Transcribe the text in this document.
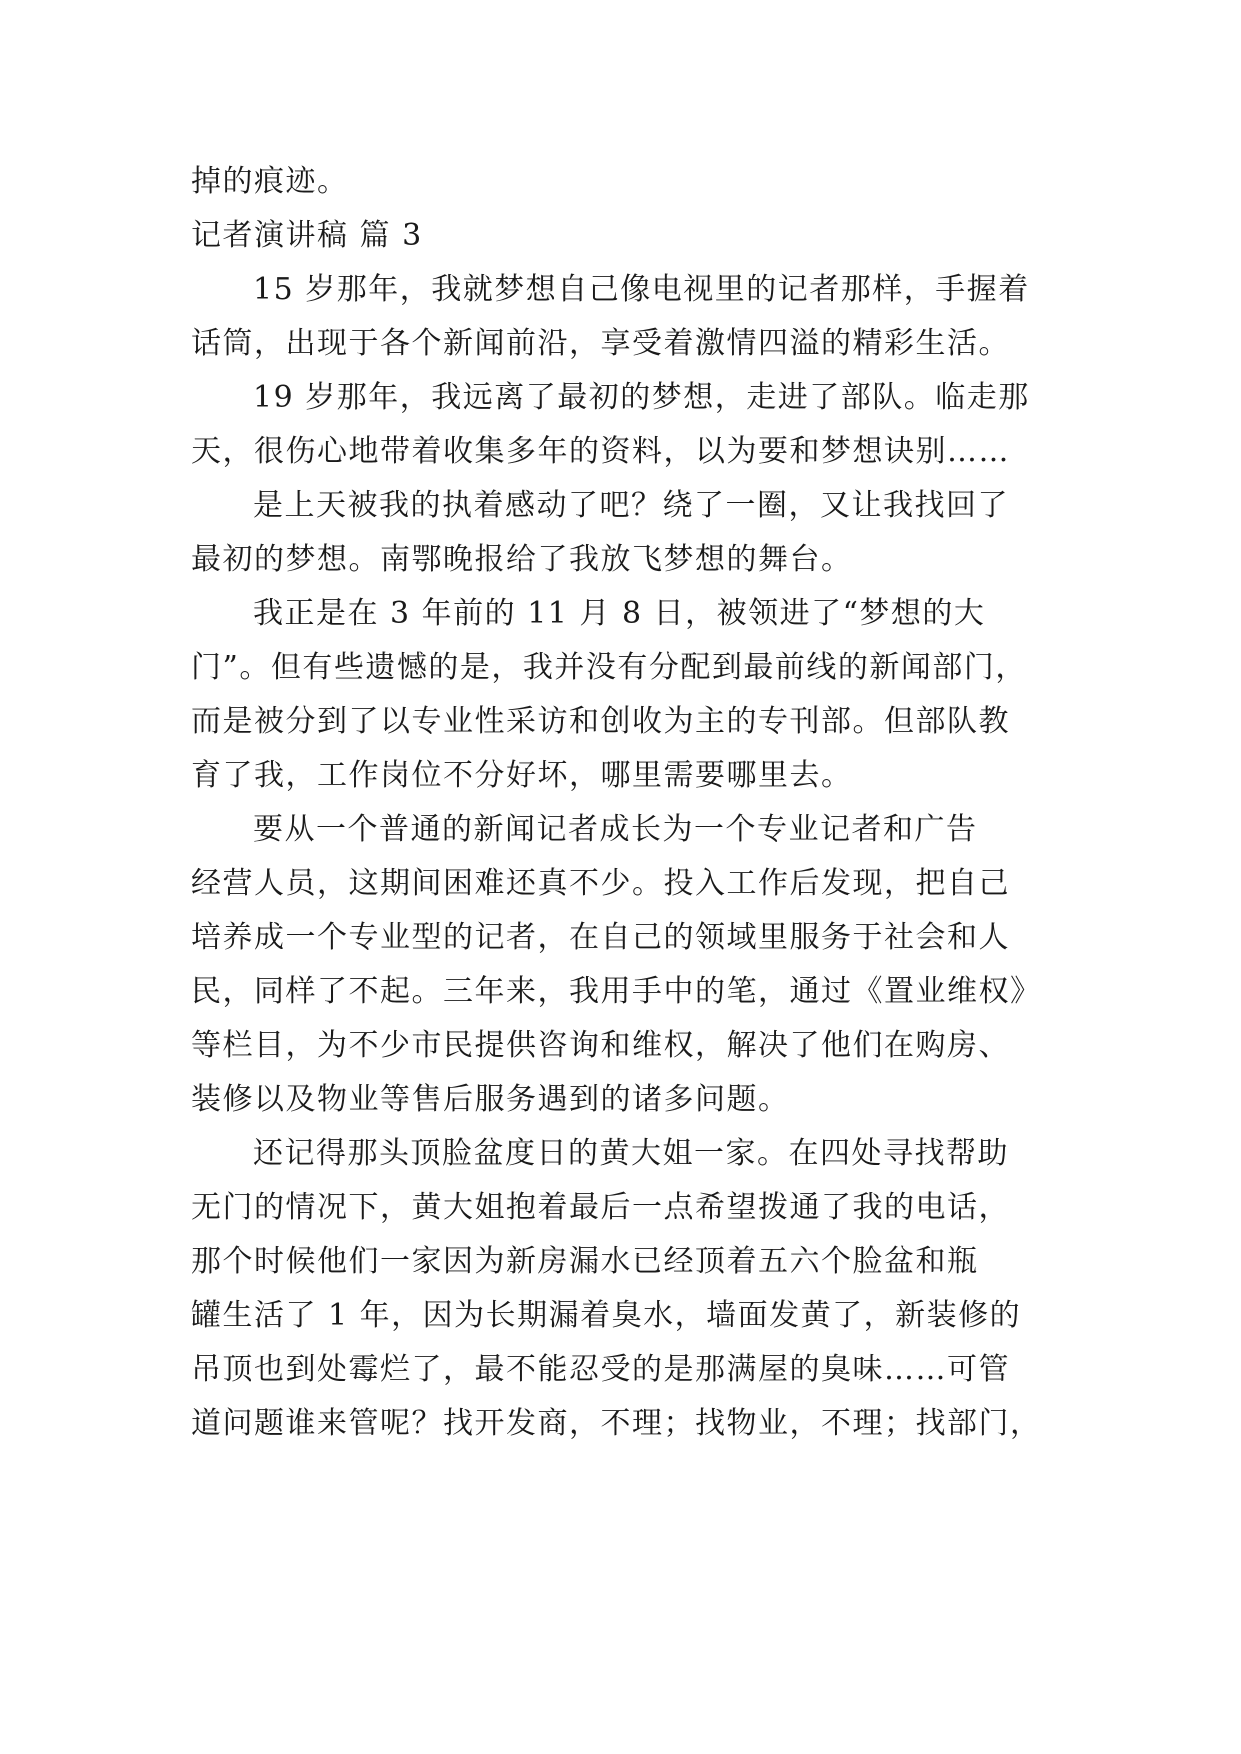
掉的痕迹。
记者演讲稿 篇 3
15 岁那年，我就梦想自己像电视里的记者那样，手握着
话筒，出现于各个新闻前沿，享受着激情四溢的精彩生活。
19 岁那年，我远离了最初的梦想，走进了部队。临走那
天，很伤心地带着收集多年的资料，以为要和梦想诀别……
是上天被我的执着感动了吧？绕了一圈，又让我找回了
最初的梦想。南鄂晚报给了我放飞梦想的舞台。
我正是在 3 年前的 11 月 8 日，被领进了“梦想的大
门”。但有些遗憾的是，我并没有分配到最前线的新闻部门，
而是被分到了以专业性采访和创收为主的专刊部。但部队教
育了我，工作岗位不分好坏，哪里需要哪里去。
要从一个普通的新闻记者成长为一个专业记者和广告
经营人员，这期间困难还真不少。投入工作后发现，把自己
培养成一个专业型的记者，在自己的领域里服务于社会和人
民，同样了不起。三年来，我用手中的笔，通过《置业维权》
等栏目，为不少市民提供咨询和维权，解决了他们在购房、
装修以及物业等售后服务遇到的诸多问题。
还记得那头顶脸盆度日的黄大姐一家。在四处寻找帮助
无门的情况下，黄大姐抱着最后一点希望拨通了我的电话，
那个时候他们一家因为新房漏水已经顶着五六个脸盆和瓶
罐生活了 1 年，因为长期漏着臭水，墙面发黄了，新装修的
吊顶也到处霉烂了，最不能忍受的是那满屋的臭味……可管
道问题谁来管呢？找开发商，不理；找物业，不理；找部门，
